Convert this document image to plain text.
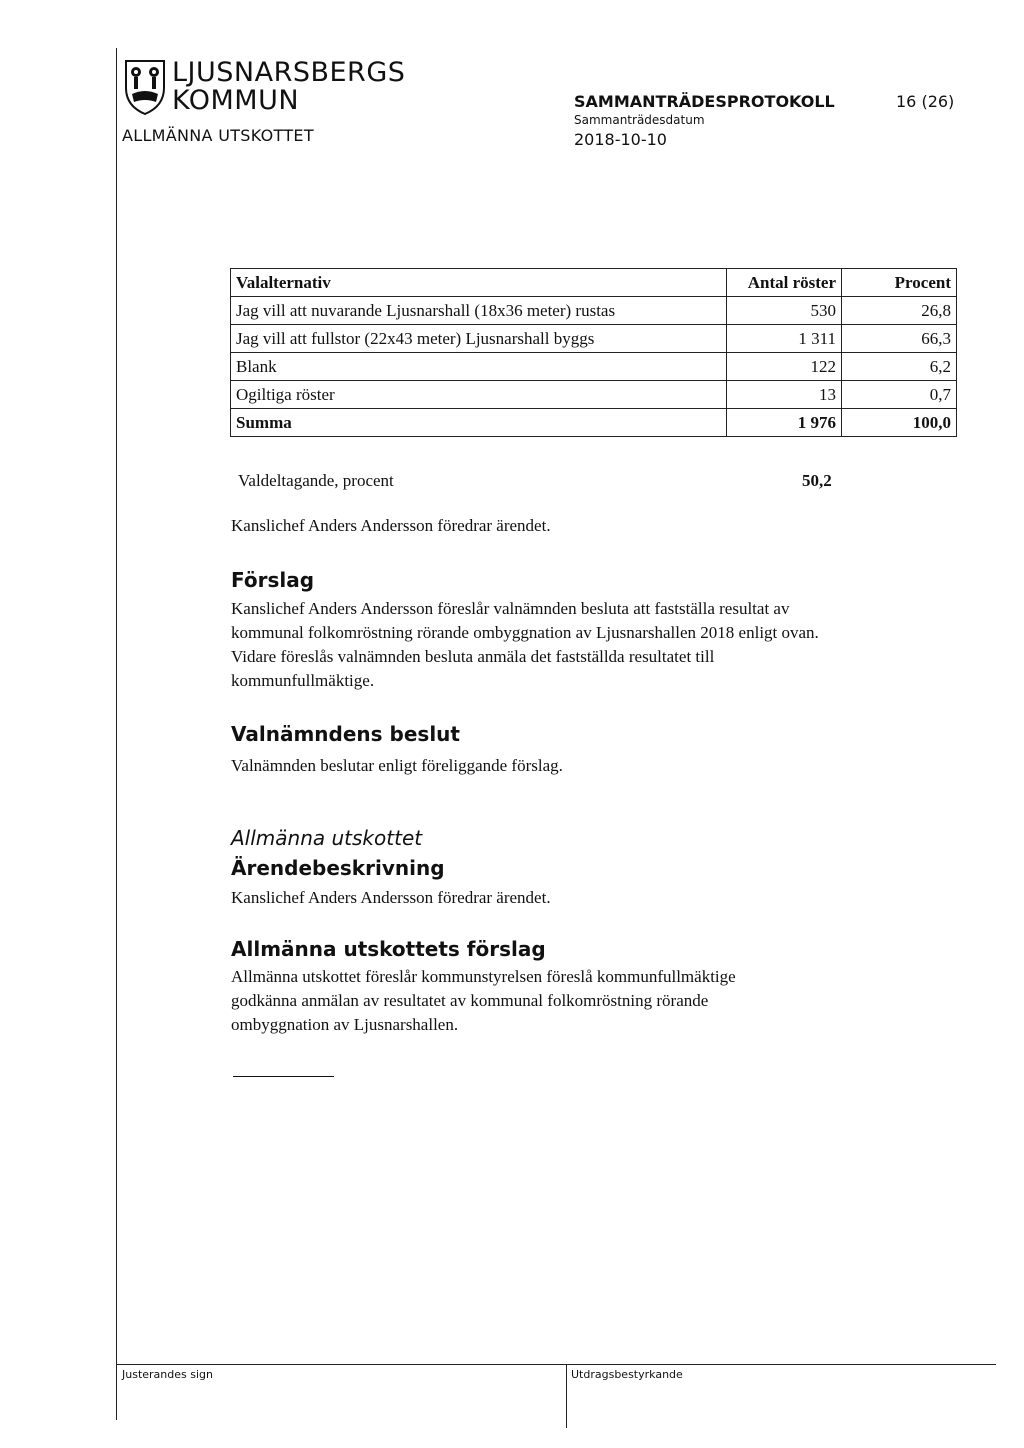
LJUSNARSBERGS
KOMMUN
ALLMÄNNA UTSKOTTET
SAMMANTRÄDESPROTOKOLL	16 (26)
Sammanträdesdatum
2018-10-10
Valalternativ	Antal röster	Procent
Jag vill att nuvarande Ljusnarshall (18x36 meter) rustas	530	26,8
Jag vill att fullstor (22x43 meter) Ljusnarshall byggs	1 311	66,3
Blank	122	6,2
Ogiltiga röster	13	0,7
Summa	1 976	100,0
Valdeltagande, procent	50,2
Kanslichef Anders Andersson föredrar ärendet.
Förslag
Kanslichef Anders Andersson föreslår valnämnden besluta att fastställa resultat av
kommunal folkomröstning rörande ombyggnation av Ljusnarshallen 2018 enligt ovan.
Vidare föreslås valnämnden besluta anmäla det fastställda resultatet till
kommunfullmäktige.
Valnämndens beslut
Valnämnden beslutar enligt föreliggande förslag.
Allmänna utskottet
Ärendebeskrivning
Kanslichef Anders Andersson föredrar ärendet.
Allmänna utskottets förslag
Allmänna utskottet föreslår kommunstyrelsen föreslå kommunfullmäktige
godkänna anmälan av resultatet av kommunal folkomröstning rörande
ombyggnation av Ljusnarshallen.
Justerandes sign	Utdragsbestyrkande
